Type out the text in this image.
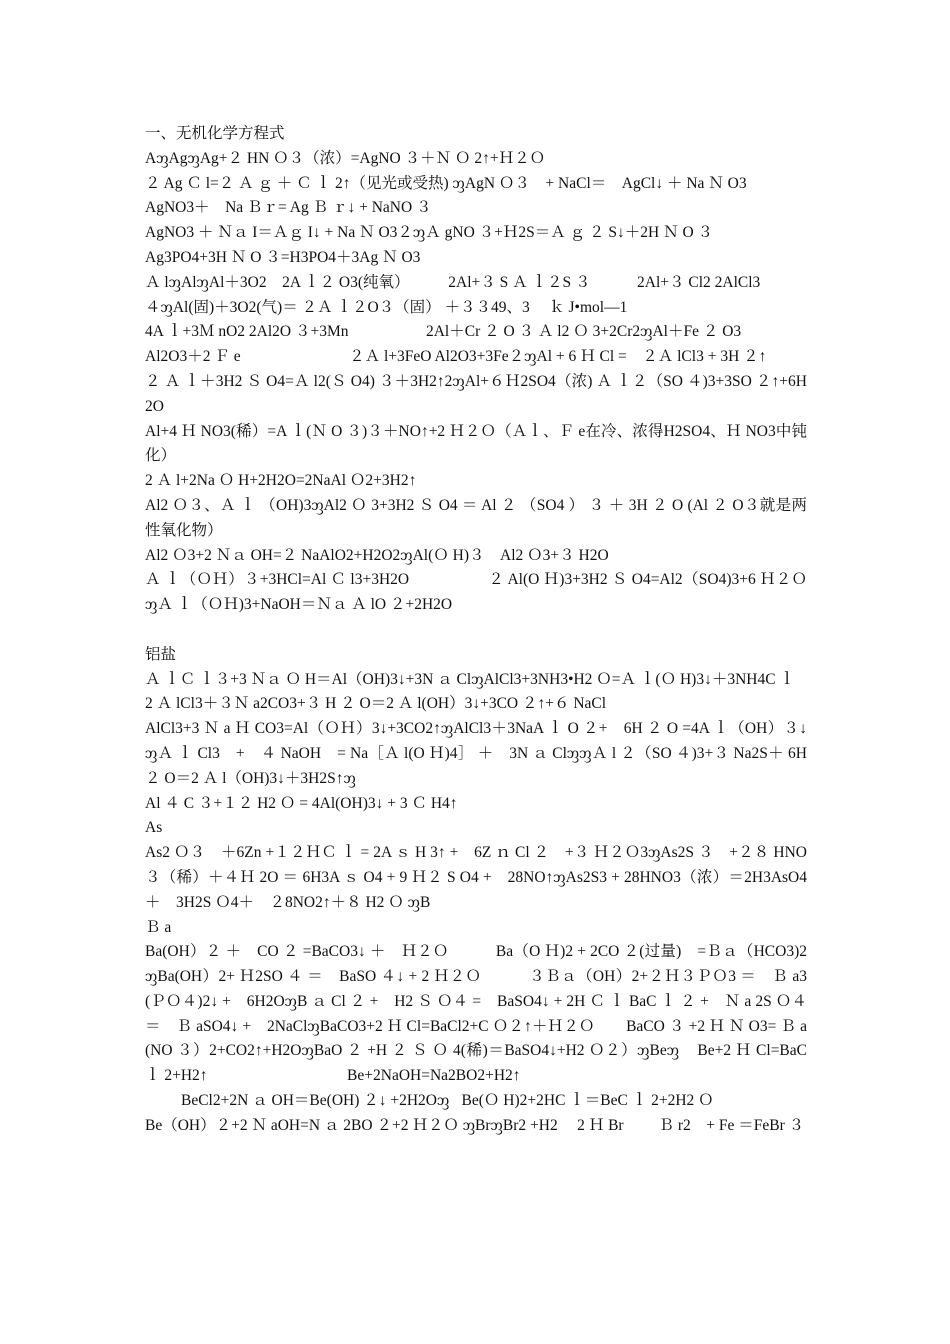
一、无机化学方程式

A﻿ᦀAgᦀAg+２ HN Ｏ３（浓）=AgNO ３＋Ｎ Ｏ 2↑+Ｈ２Ｏ

２ Ag Ｃ l=２ Ａ ｇ ＋ Ｃ ｌ 2↑（见光或受热) ᦀAgN Ｏ３　+ NaCl＝　AgCl↓ ＋ Na Ｎ O3

AgNO3＋　Na Ｂｒ= Ag Ｂ ｒ↓ + NaNO ３

AgNO3 ＋ Ｎａ I＝Ａｇ I↓ + Na Ｎ O3２ᦀＡ gNO ３+Ｈ2S＝Ａ ｇ ２ S↓＋2H Ｎ O ３

Ag3PO4+3H Ｎ O ３=H3PO4＋3Ag Ｎ O3

Ａ lᦀAlᦀAl＋3O2　2A ｌ２ O3(纯氧）　　　2Al+３ S Ａ ｌ２S ３　　　2Al+３ Cl2 2AlCl3

４ᦀAl(固)＋3O2(气)＝ ２Ａ ｌ２O３（固） ＋３３49、3　 ｋ J•mol—1

4A ｌ+3Ｍ nO2 2Al2O ３+3Mn　　　　　2Al＋Cr ２ O ３ Ａ l2 Ｏ 3+2Cr2ᦀAl＋Fe ２ O3

Al2O3＋2 Ｆ e　　　　　　　２Ａ l+3FeO Al2O3+3Fe２ᦀAl + 6 Ｈ Cl =　２Ａ lCl3 + 3H ２↑

２ Ａ ｌ＋3H2 Ｓ O4=Ａ l2(Ｓ O4) ３＋3H2↑2ᦀAl+６Ｈ2SO4（浓) Ａ ｌ２（SO ４)3+3SO ２↑+6H2O

Al+4 Ｈ NO3(稀）=A ｌ(Ｎ O ３)３＋NO↑+2 Ｈ２Ｏ（Ａｌ、Ｆ e在冷、浓得H2SO4、Ｈ NO3中钝化）

2 Ａ l+2Na Ｏ H+2H2O=2NaAl Ｏ2+3H2↑

Al2 Ｏ３、Ａ ｌ （OH)3ᦀAl2 Ｏ 3+3H2 Ｓ O4 ＝ Al ２ （SO4 ） ３ ＋ 3H ２ O (Al ２ O３就是两性氧化物）

Al2 Ｏ3+2 Ｎａ OH=２ NaAlO2+H2O2ᦀAl(Ｏ H)３　Al2 Ｏ3+３ H2O

Ａ ｌ（ＯＨ）３+3HCl=Al Ｃ l3+3H2O　　　　　２ Al(O Ｈ)3+3H2 Ｓ O4=Al2（SO4)3+6 Ｈ２Ｏ　ᦀＡ ｌ（ＯＨ)3+NaOH＝Ｎａ Ａ lO ２+2H2O

铝盐

Ａ ｌＣ ｌ３+3 Ｎａ Ｏ H＝Al（OH)3↓+3N ａ ClᦀAlCl3+3NH3•H2 Ｏ=Ａ ｌ(Ｏ H)3↓＋3NH4C ｌ

2 Ａ lCl3＋３Ｎ a2CO3+３ H ２ O＝2 Ａ l(OH）3↓+3CO ２↑+６ NaCl

AlCl3+3 Ｎ a Ｈ CO3=Al（ＯＨ）3↓+3CO2↑ᦀAlCl3＋3NaA ｌ O ２+　6H ２ O =4A ｌ（OH）３↓ᦀＡ ｌ Cl3　+　４ NaOH　= Na［Ａ l(O Ｈ)4］ ＋　3N ａ ClᦀᦀＡ l ２（SO ４)3+３ Na2S＋ 6H ２ O＝2 Ａ l（OH)3↓＋3H2S↑ᦀ

Al ４ C ３+１２ H2 Ｏ = 4Al(OH)3↓ + 3 Ｃ H4↑

As

As2 Ｏ３　＋6Zn +１２ＨＣ ｌ = 2A ｓ H 3↑ +　6Z ｎ Cl ２　+３ Ｈ２Ｏ3ᦀAs2S ３　+２８ HNO ３（稀）＋４Ｈ 2O ＝ 6H3A ｓ O4 + 9 Ｈ２ S O4 +　28NO↑ᦀAs2S3 + 28HNO3（浓）＝2H3AsO4＋　3H2S Ｏ4＋　２8NO2↑＋８ H2 Ｏ ᦀB

Ｂ a

Ba(OH）２ ＋　CO ２ =BaCO3↓ ＋　Ｈ２Ｏ　　　Ba（O Ｈ)2 + 2CO ２(过量)　=Ｂａ（HCO3)2ᦀBa(OH）2+ Ｈ2SO ４ ＝　BaSO ４↓ + 2 Ｈ２Ｏ　　　３Ｂａ（OH）2+２Ｈ３ＰＯ3 ＝　Ｂ a3(ＰＯ４)2↓ +　6H2OᦀB ａ Cl ２ +　H2 Ｓ Ｏ４ =　BaSO4↓ + 2H Ｃ ｌ BaC ｌ ２ +　Ｎ a 2S Ｏ４　＝　Ｂ aSO4↓ +　2NaClᦀBaCO3+2 Ｈ Cl=BaCl2+C Ｏ２↑＋Ｈ２Ｏ　　BaCO ３ +2 Ｈ Ｎ O3= Ｂ a(NO ３）2+CO2↑+H2OᦀBaO ２ +H ２ Ｓ Ｏ 4(稀)＝BaSO4↓+H2 Ｏ２）ᦀBeᦀ　　Be+2 Ｈ Cl=BaC ｌ 2+H2↑　　　　　　　　　Be+2NaOH=Na2BO2+H2↑

BeCl2+2N ａ OH＝Be(OH) ２↓ +2H2Oᦀ　 Be(Ｏ H)2+2HC ｌ＝BeC ｌ 2+2H2 Ｏ

Be（OH）２+2 Ｎ aOH=N ａ 2BO ２+2 Ｈ２Ｏ ᦀBrᦀBr2 +H2　 2 Ｈ Br　　 Ｂ r2　+ Fe ＝FeBr ３
